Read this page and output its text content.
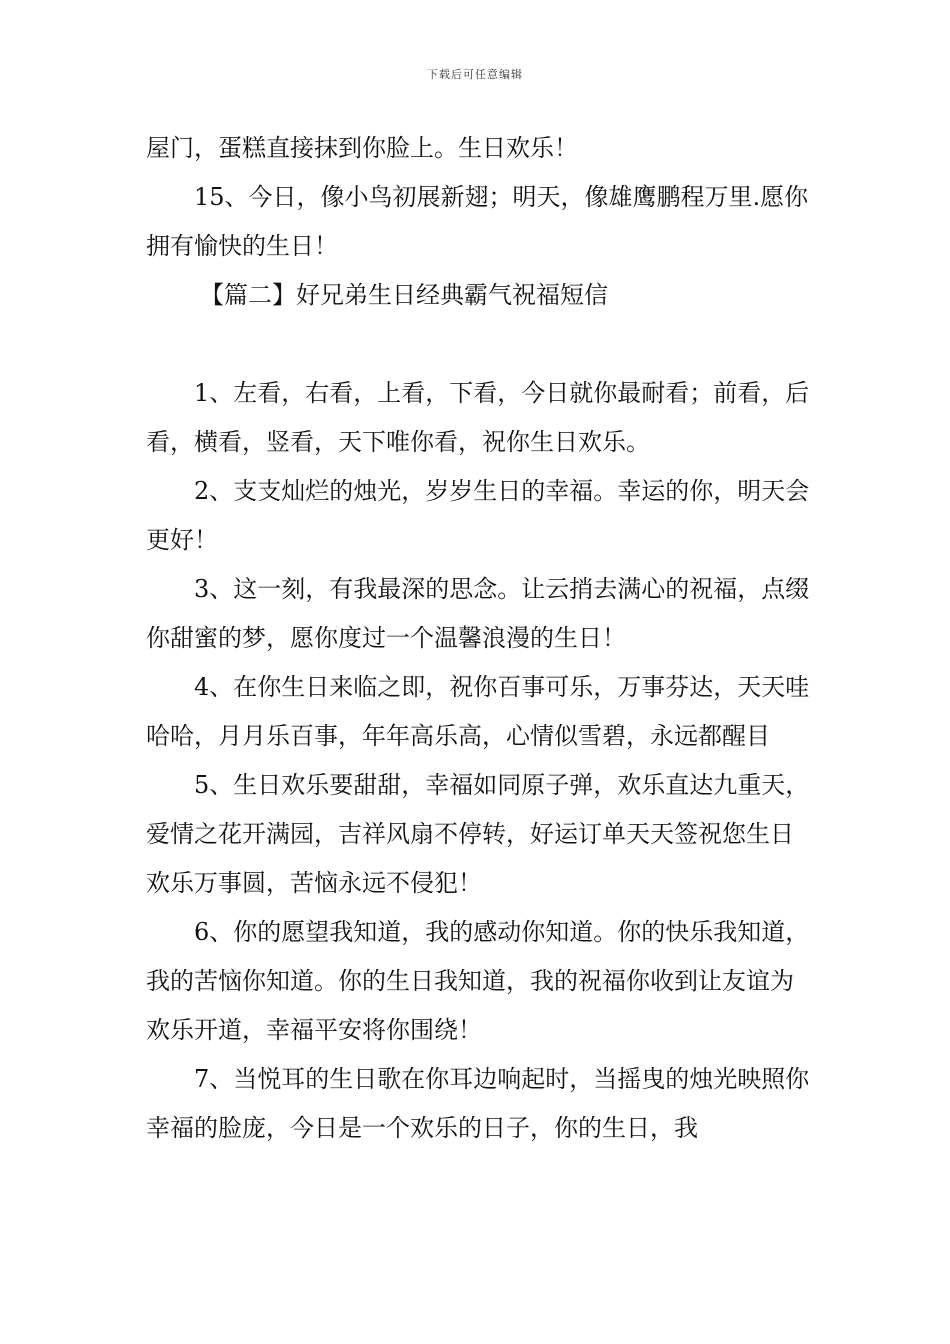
下载后可任意编辑

屋门，蛋糕直接抹到你脸上。生日欢乐！

15、今日，像小鸟初展新翅；明天，像雄鹰鹏程万里.愿你拥有愉快的生日！

【篇二】好兄弟生日经典霸气祝福短信

1、左看，右看，上看，下看，今日就你最耐看；前看，后看，横看，竖看，天下唯你看，祝你生日欢乐。

2、支支灿烂的烛光，岁岁生日的幸福。幸运的你，明天会更好！

3、这一刻，有我最深的思念。让云捎去满心的祝福，点缀你甜蜜的梦，愿你度过一个温馨浪漫的生日！

4、在你生日来临之即，祝你百事可乐，万事芬达，天天哇哈哈，月月乐百事，年年高乐高，心情似雪碧，永远都醒目

5、生日欢乐要甜甜，幸福如同原子弹，欢乐直达九重天，爱情之花开满园，吉祥风扇不停转，好运订单天天签祝您生日欢乐万事圆，苦恼永远不侵犯！

6、你的愿望我知道，我的感动你知道。你的快乐我知道，我的苦恼你知道。你的生日我知道，我的祝福你收到让友谊为欢乐开道，幸福平安将你围绕！

7、当悦耳的生日歌在你耳边响起时，当摇曳的烛光映照你幸福的脸庞，今日是一个欢乐的日子，你的生日，我
